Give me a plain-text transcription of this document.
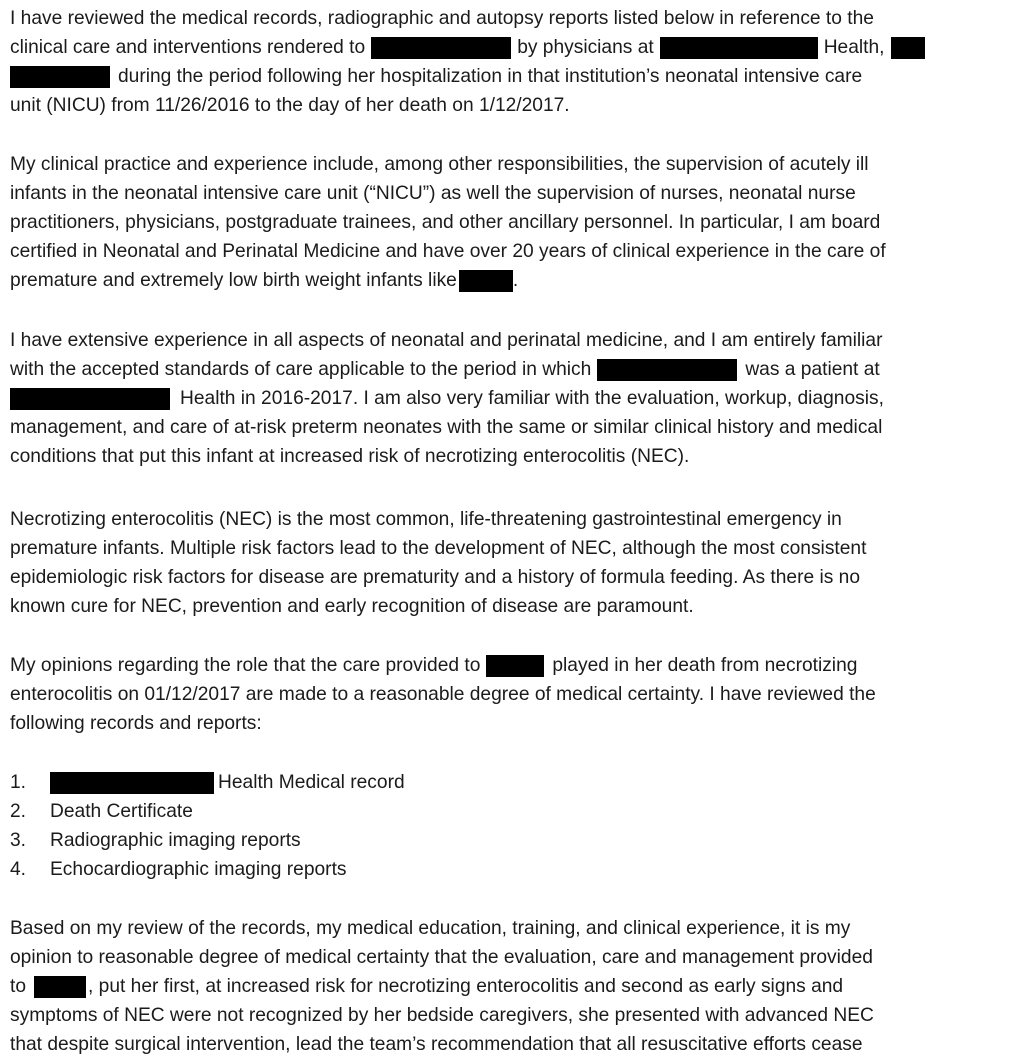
I have reviewed the medical records, radiographic and autopsy reports listed below in reference to the
clinical care and interventions rendered to	by physicians at	Health,
during the period following her hospitalization in that institution’s neonatal intensive care
unit (NICU) from 11/26/2016 to the day of her death on 1/12/2017.
My clinical practice and experience include, among other responsibilities, the supervision of acutely ill
infants in the neonatal intensive care unit (“NICU”) as well the supervision of nurses, neonatal nurse
practitioners, physicians, postgraduate trainees, and other ancillary personnel. In particular, I am board
certified in Neonatal and Perinatal Medicine and have over 20 years of clinical experience in the care of
premature and extremely low birth weight infants like	.
I have extensive experience in all aspects of neonatal and perinatal medicine, and I am entirely familiar
with the accepted standards of care applicable to the period in which	was a patient at
Health in 2016-2017. I am also very familiar with the evaluation, workup, diagnosis,
management, and care of at-risk preterm neonates with the same or similar clinical history and medical
conditions that put this infant at increased risk of necrotizing enterocolitis (NEC).
Necrotizing enterocolitis (NEC) is the most common, life-threatening gastrointestinal emergency in
premature infants. Multiple risk factors lead to the development of NEC, although the most consistent
epidemiologic risk factors for disease are prematurity and a history of formula feeding. As there is no
known cure for NEC, prevention and early recognition of disease are paramount.
My opinions regarding the role that the care provided to	played in her death from necrotizing
enterocolitis on 01/12/2017 are made to a reasonable degree of medical certainty. I have reviewed the
following records and reports:
1.	Health Medical record
2.	Death Certificate
3.	Radiographic imaging reports
4.	Echocardiographic imaging reports
Based on my review of the records, my medical education, training, and clinical experience, it is my
opinion to reasonable degree of medical certainty that the evaluation, care and management provided
to	, put her first, at increased risk for necrotizing enterocolitis and second as early signs and
symptoms of NEC were not recognized by her bedside caregivers, she presented with advanced NEC
that despite surgical intervention, lead the team’s recommendation that all resuscitative efforts cease
